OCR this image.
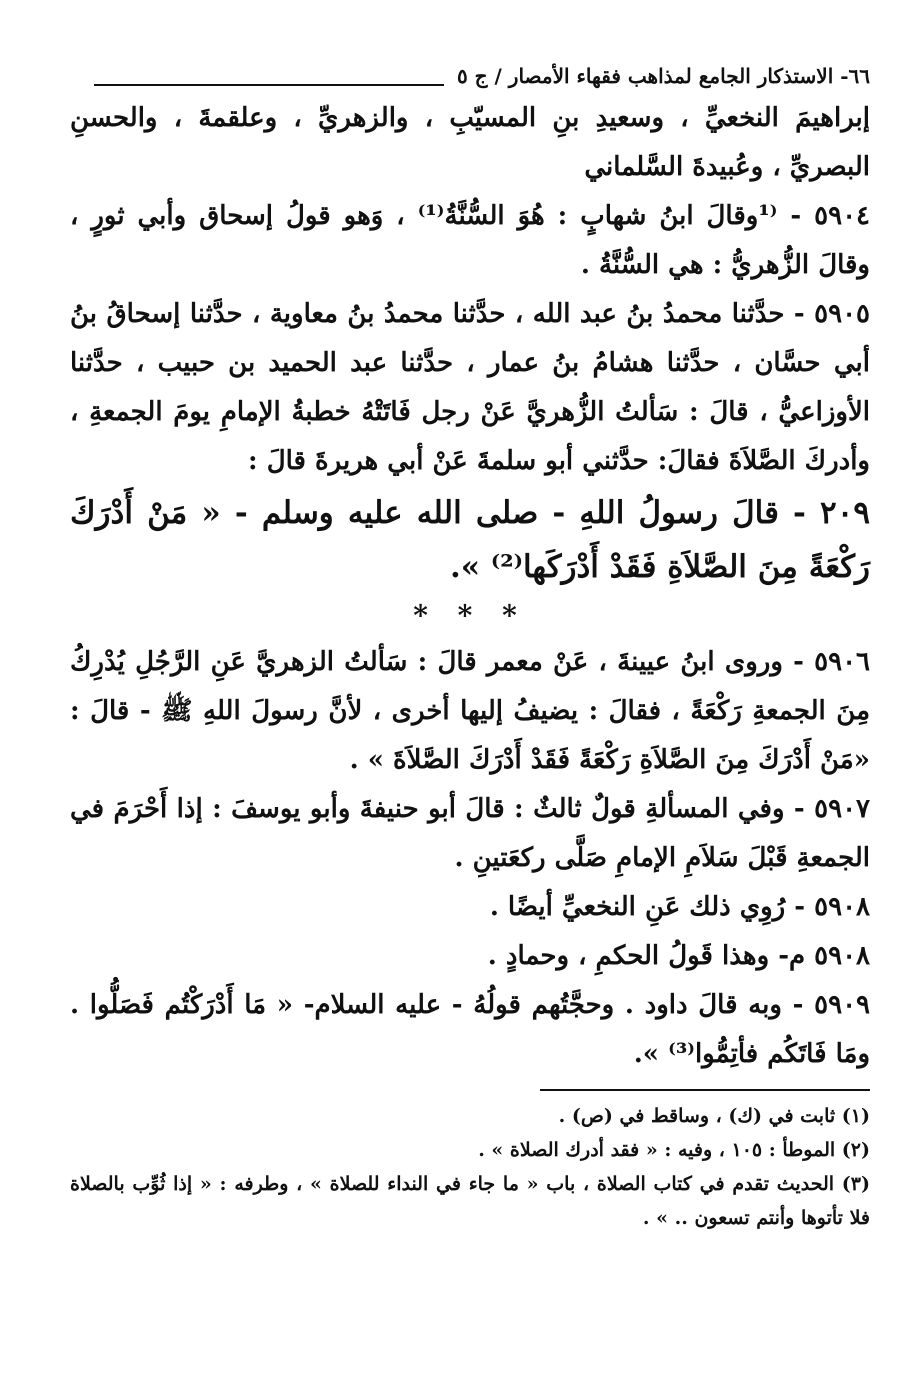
٦٦- الاستذكار الجامع لمذاهب فقهاء الأمصار / ج ٥

إبراهيمَ النخعيِّ ، وسعيدِ بنِ المسيّبِ ، والزهريِّ ، وعلقمةَ ، والحسنِ البصريِّ ، وعُبيدةَ السَّلماني

٥٩٠٤ - ⁽¹وقالَ ابنُ شهابٍ : هُوَ السُّنَّةُ⁽¹⁾ ، وَهو قولُ إسحاق وأبي ثورٍ ، وقالَ الزُّهريُّ : هي السُّنَّةُ .

٥٩٠٥ - حدَّثنا محمدُ بنُ عبد الله ، حدَّثنا محمدُ بنُ معاوية ، حدَّثنا إسحاقُ بنُ أبي حسَّان ، حدَّثنا هشامُ بنُ عمار ، حدَّثنا عبد الحميد بن حبيب ، حدَّثنا الأوزاعيُّ ، قالَ : سَألتُ الزُّهريَّ عَنْ رجل فَاتَتْهُ خطبةُ الإمامِ يومَ الجمعةِ ، وأدركَ الصَّلاَةَ فقالَ: حدَّثني أبو سلمةَ عَنْ أبي هريرةَ قالَ :

٢٠٩ - قالَ رسولُ اللهِ - صلى الله عليه وسلم - « مَنْ أَدْرَكَ رَكْعَةً مِنَ الصَّلاَةِ فَقَدْ أَدْرَكَها⁽²⁾ ».

* * *

٥٩٠٦ - وروى ابنُ عيينةَ ، عَنْ معمر قالَ : سَألتُ الزهريَّ عَنِ الرَّجُلِ يُدْرِكُ مِنَ الجمعةِ رَكْعَةً ، فقالَ : يضيفُ إليها أخرى ، لأنَّ رسولَ اللهِ ﷺ - قالَ : «مَنْ أَدْرَكَ مِنَ الصَّلاَةِ رَكْعَةً فَقَدْ أَدْرَكَ الصَّلاَةَ » .

٥٩٠٧ - وفي المسألةِ قولٌ ثالثٌ : قالَ أبو حنيفةَ وأبو يوسفَ : إذا أَحْرَمَ في الجمعةِ قَبْلَ سَلاَمِ الإمامِ صَلَّى ركعَتينِ .

٥٩٠٨ - رُوِي ذلك عَنِ النخعيِّ أيضًا .

٥٩٠٨ م- وهذا قَولُ الحكمِ ، وحمادٍ .

٥٩٠٩ - وبه قالَ داود . وحجَّتُهم قولُهُ - عليه السلام- « مَا أَدْرَكْتُم فَصَلُّوا . ومَا فَاتَكُم فأتِمُّوا⁽³⁾ ».

(١) ثابت في (ك) ، وساقط في (ص) .

(٢) الموطأ : ١٠٥ ، وفيه : « فقد أدرك الصلاة » .

(٣) الحديث تقدم في كتاب الصلاة ، باب « ما جاء في النداء للصلاة » ، وطرفه : « إذا ثُوِّب بالصلاة فلا تأتوها وأنتم تسعون .. » .
